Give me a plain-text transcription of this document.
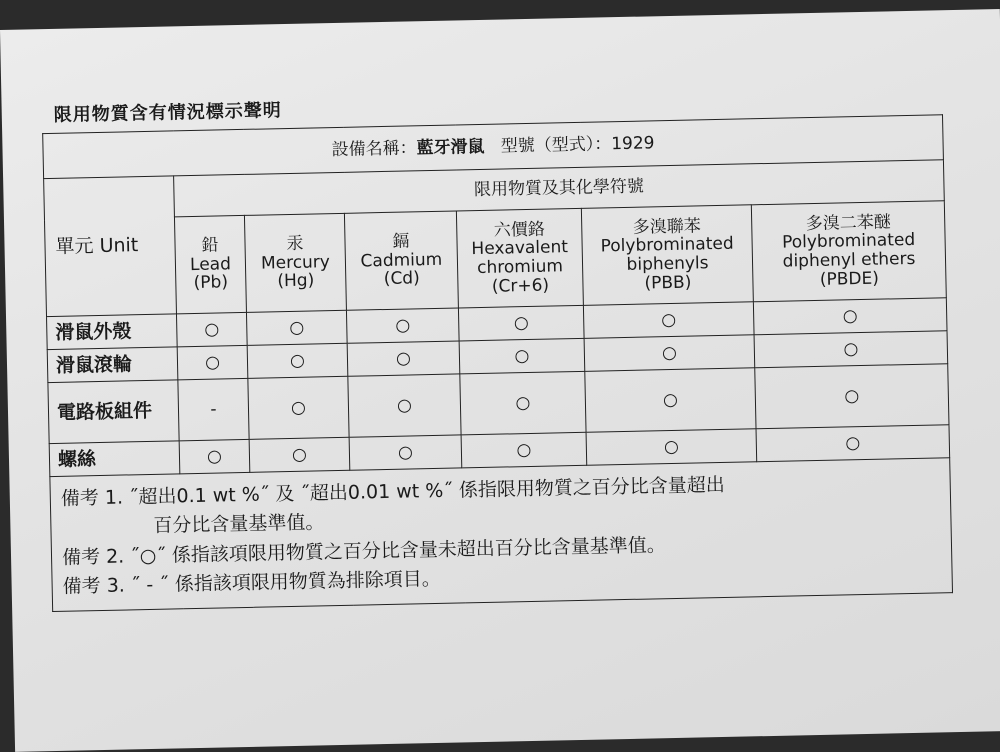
限用物質含有情況標示聲明
設備名稱：藍牙滑鼠 型號（型式）：1929						
單元 Unit	限用物質及其化學符號					
	鉛
Lead
(Pb)	汞
Mercury
(Hg)	鎘
Cadmium
(Cd)	六價鉻
Hexavalent chromium
(Cr+6)	多溴聯苯
Polybrominated biphenyls
(PBB)	多溴二苯醚
Polybrominated diphenyl ethers
(PBDE)
滑鼠外殼	○	○	○	○	○	○
滑鼠滾輪	○	○	○	○	○	○
電路板組件	-	○	○	○	○	○
螺絲	○	○	○	○	○	○

備考 1. ˝超出0.1 wt %˝ 及 ˝超出0.01 wt %˝ 係指限用物質之百分比含量超出
百分比含量基準值。
備考 2. ˝○˝ 係指該項限用物質之百分比含量未超出百分比含量基準值。
備考 3. ˝ - ˝ 係指該項限用物質為排除項目。						
